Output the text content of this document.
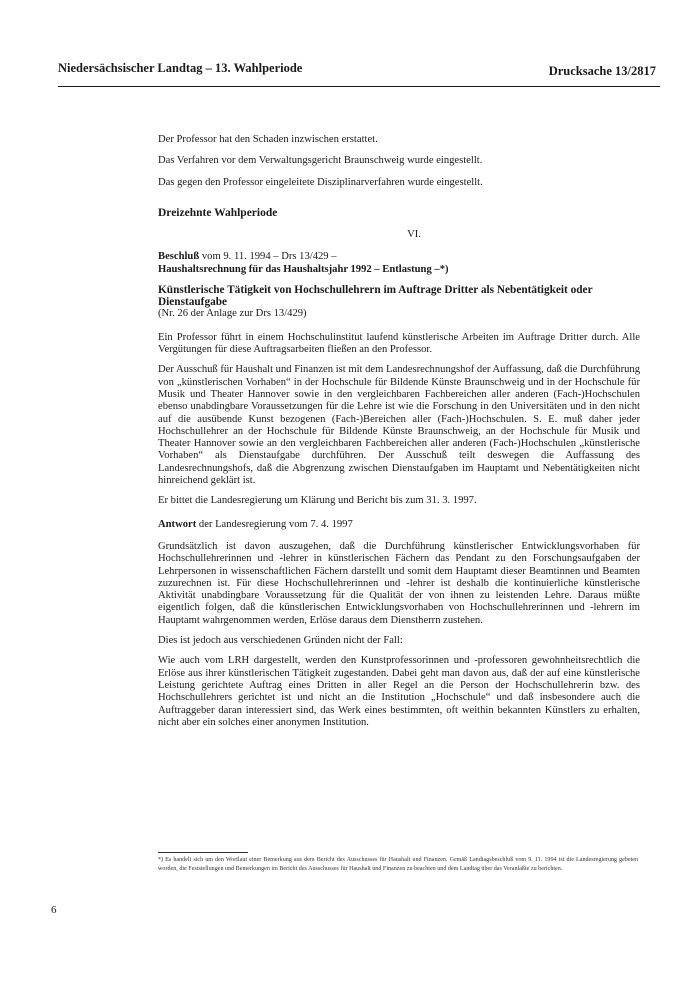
Niedersächsischer Landtag – 13. Wahlperiode	Drucksache 13/2817
Der Professor hat den Schaden inzwischen erstattet.
Das Verfahren vor dem Verwaltungsgericht Braunschweig wurde eingestellt.
Das gegen den Professor eingeleitete Disziplinarverfahren wurde eingestellt.
Dreizehnte Wahlperiode
VI.
Beschluß vom 9. 11. 1994 – Drs 13/429 –
Haushaltsrechnung für das Haushaltsjahr 1992 – Entlastung –*)
Künstlerische Tätigkeit von Hochschullehrern im Auftrage Dritter als Nebentätigkeit oder Dienstaufgabe
(Nr. 26 der Anlage zur Drs 13/429)

Ein Professor führt in einem Hochschulinstitut laufend künstlerische Arbeiten im Auftrage Dritter durch. Alle Vergütungen für diese Auftragsarbeiten fließen an den Professor.

Der Ausschuß für Haushalt und Finanzen ist mit dem Landesrechnungshof der Auffassung, daß die Durchführung von „künstlerischen Vorhaben“ in der Hochschule für Bildende Künste Braunschweig und in der Hochschule für Musik und Theater Hannover sowie in den vergleichbaren Fachbereichen aller anderen (Fach-)Hochschulen ebenso unabdingbare Voraussetzungen für die Lehre ist wie die Forschung in den Universitäten und in den nicht auf die ausübende Kunst bezogenen (Fach-)Bereichen aller (Fach-)Hochschulen. S. E. muß daher jeder Hochschullehrer an der Hochschule für Bildende Künste Braunschweig, an der Hochschule für Musik und Theater Hannover sowie an den vergleichbaren Fachbereichen aller anderen (Fach-)Hochschulen „künstlerische Vorhaben“ als Dienstaufgabe durchführen. Der Ausschuß teilt deswegen die Auffassung des Landesrechnungshofs, daß die Abgrenzung zwischen Dienstaufgaben im Hauptamt und Nebentätigkeiten nicht hinreichend geklärt ist.

Er bittet die Landesregierung um Klärung und Bericht bis zum 31. 3. 1997.

Antwort der Landesregierung vom 7. 4. 1997

Grundsätzlich ist davon auszugehen, daß die Durchführung künstlerischer Entwicklungsvorhaben für Hochschullehrerinnen und -lehrer in künstlerischen Fächern das Pendant zu den Forschungsaufgaben der Lehrpersonen in wissenschaftlichen Fächern darstellt und somit dem Hauptamt dieser Beamtinnen und Beamten zuzurechnen ist. Für diese Hochschullehrerinnen und -lehrer ist deshalb die kontinuierliche künstlerische Aktivität unabdingbare Voraussetzung für die Qualität der von ihnen zu leistenden Lehre. Daraus müßte eigentlich folgen, daß die künstlerischen Entwicklungsvorhaben von Hochschullehrerinnen und -lehrern im Hauptamt wahrgenommen werden, Erlöse daraus dem Dienstherrn zustehen.

Dies ist jedoch aus verschiedenen Gründen nicht der Fall:

Wie auch vom LRH dargestellt, werden den Kunstprofessorinnen und -professoren gewohnheitsrechtlich die Erlöse aus ihrer künstlerischen Tätigkeit zugestanden. Dabei geht man davon aus, daß der auf eine künstlerische Leistung gerichtete Auftrag eines Dritten in aller Regel an die Person der Hochschullehrerin bzw. des Hochschullehrers gerichtet ist und nicht an die Institution „Hochschule“ und daß insbesondere auch die Auftraggeber daran interessiert sind, das Werk eines bestimmten, oft weithin bekannten Künstlers zu erhalten, nicht aber ein solches einer anonymen Institution.

*) Es handelt sich um den Wortlaut einer Bemerkung aus dem Bericht des Ausschusses für Haushalt und Finanzen. Gemäß Landtagsbeschluß vom 9. 11. 1994 ist die Landesregierung gebeten worden, die Feststellungen und Bemerkungen im Bericht des Ausschusses für Haushalt und Finanzen zu beachten und dem Landtag über das Veranlaßte zu berichten.
6
